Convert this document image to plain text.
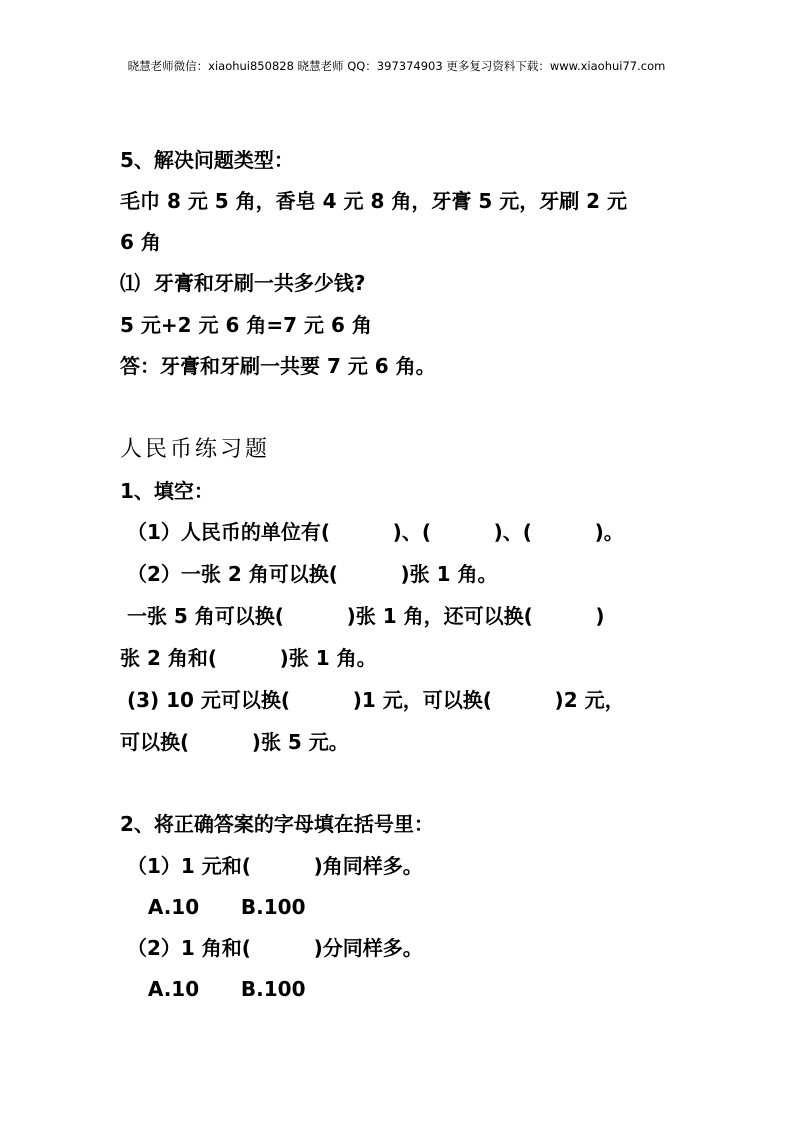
晓慧老师微信：xiaohui850828 晓慧老师 QQ：397374903 更多复习资料下载：www.xiaohui77.com
5、解决问题类型：
毛巾 8 元 5 角，香皂 4 元 8 角，牙膏 5 元，牙刷 2 元
6 角
⑴  牙膏和牙刷一共多少钱?
5 元+2 元 6 角=7 元 6 角
答：牙膏和牙刷一共要 7 元 6 角。
人民币练习题
1、填空：
（1）人民币的单位有(         )、(         )、(         )。
（2）一张 2 角可以换(         )张 1 角。
一张 5 角可以换(         )张 1 角，还可以换(         )
张 2 角和(         )张 1 角。
(3) 10 元可以换(         )1 元，可以换(         )2 元，
可以换(         )张 5 元。
2、将正确答案的字母填在括号里：
（1）1 元和(         )角同样多。
A.10      B.100
（2）1 角和(         )分同样多。
A.10      B.100
